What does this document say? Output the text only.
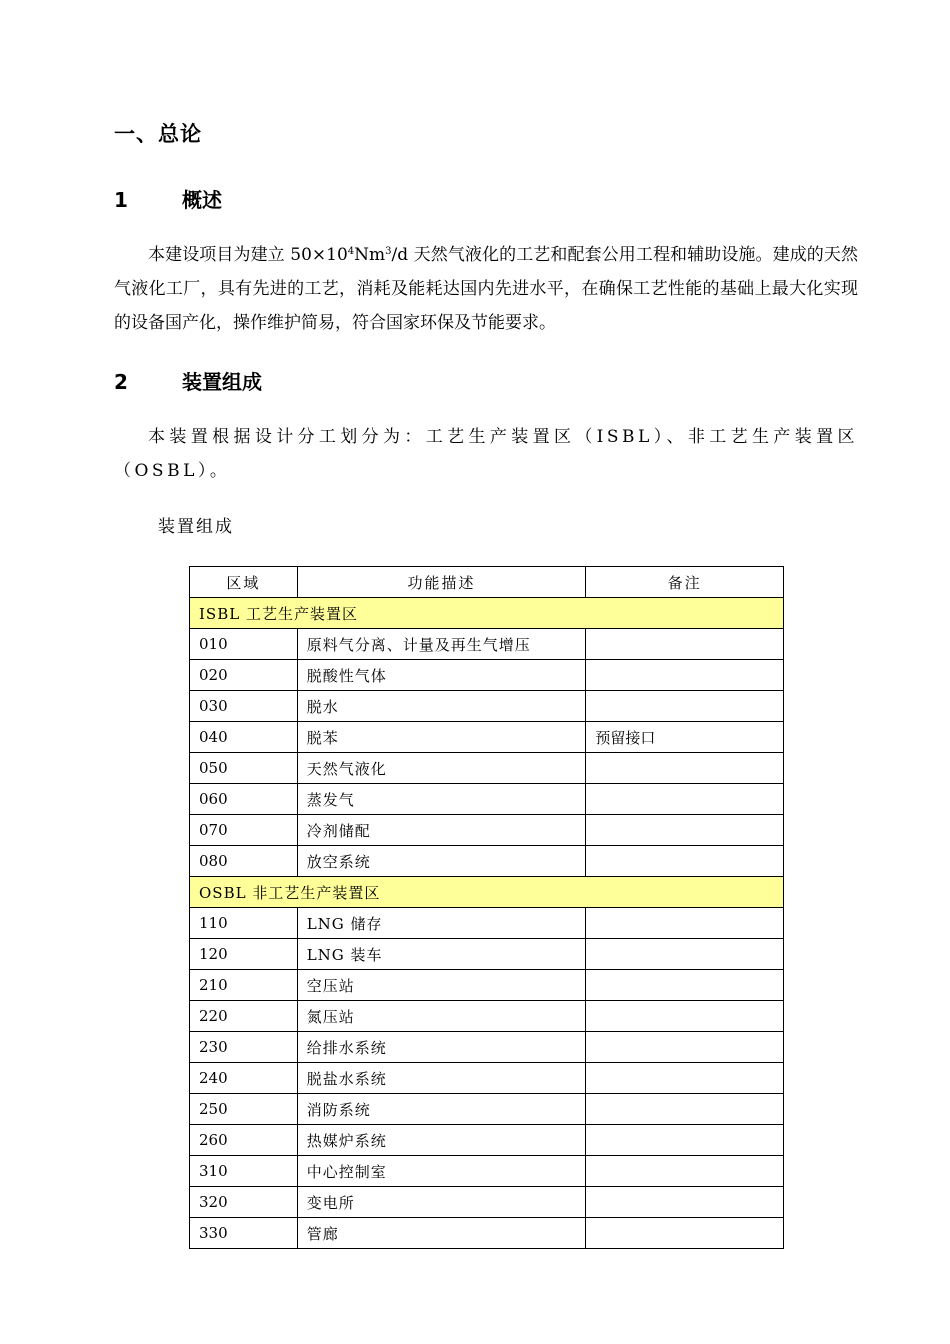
一、总论
1	概述
本建设项目为建立 $50\times 10^4Nm^3/d$ 天然气液化的工艺和配套公用工程和辅助设施。建成的天然气液化工厂，具有先进的工艺，消耗及能耗达国内先进水平，在确保工艺性能的基础上最大化实现的设备国产化，操作维护简易，符合国家环保及节能要求。
2	装置组成
本装置根据设计分工划分为：工艺生产装置区（ISBL）、非工艺生产装置区（OSBL）。
装置组成
区域	功能描述	备注
ISBL 工艺生产装置区		
010	原料气分离、计量及再生气增压	
020	脱酸性气体	
030	脱水	
040	脱苯	预留接口
050	天然气液化	
060	蒸发气	
070	冷剂储配	
080	放空系统	
OSBL 非工艺生产装置区		
110	LNG 储存	
120	LNG 装车	
210	空压站	
220	氮压站	
230	给排水系统	
240	脱盐水系统	
250	消防系统	
260	热媒炉系统	
310	中心控制室	
320	变电所	
330	管廊	
